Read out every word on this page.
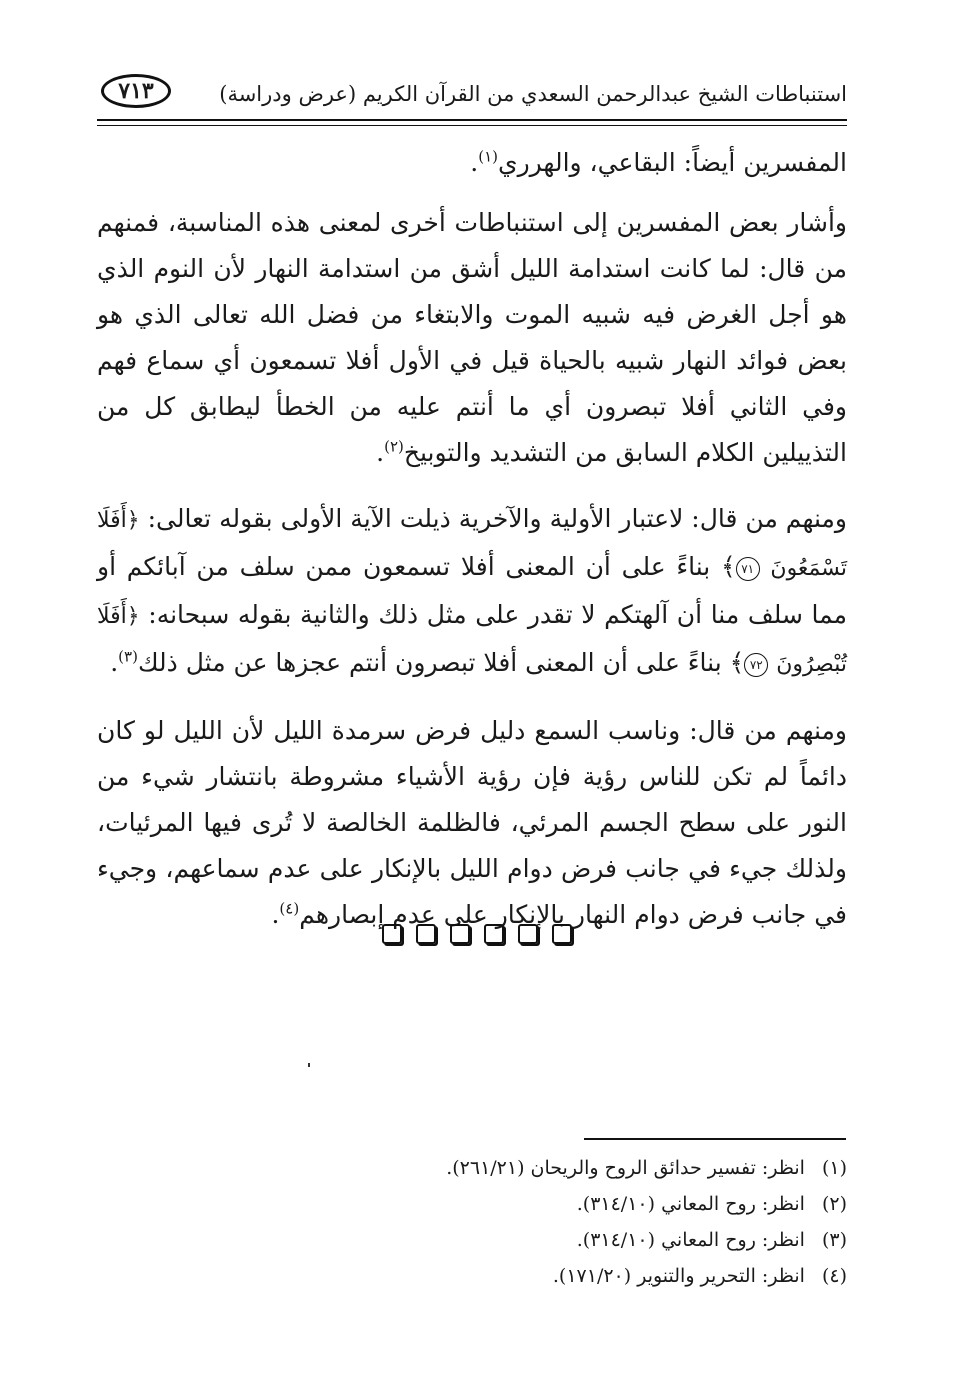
استنباطات الشيخ عبدالرحمن السعدي من القرآن الكريم (عرض ودراسة)
٧١٣

المفسرين أيضاً: البقاعي، والهرري$^{(١)}$.

وأشار بعض المفسرين إلى استنباطات أخرى لمعنى هذه المناسبة، فمنهم من قال: لما كانت استدامة الليل أشق من استدامة النهار لأن النوم الذي هو أجل الغرض فيه شبيه الموت والابتغاء من فضل الله تعالى الذي هو بعض فوائد النهار شبيه بالحياة قيل في الأول أفلا تسمعون أي سماع فهم وفي الثاني أفلا تبصرون أي ما أنتم عليه من الخطأ ليطابق كل من التذييلين الكلام السابق من التشديد والتوبيخ$^{(٢)}$.

ومنهم من قال: لاعتبار الأولية والآخرية ذيلت الآية الأولى بقوله تعالى: ﴿أَفَلَا تَسْمَعُونَ ٧١﴾ بناءً على أن المعنى أفلا تسمعون ممن سلف من آبائكم أو مما سلف منا أن آلهتكم لا تقدر على مثل ذلك والثانية بقوله سبحانه: ﴿أَفَلَا تُبْصِرُونَ ٧٢﴾ بناءً على أن المعنى أفلا تبصرون أنتم عجزها عن مثل ذلك$^{(٣)}$.

ومنهم من قال: وناسب السمع دليل فرض سرمدة الليل لأن الليل لو كان دائماً لم تكن للناس رؤية فإن رؤية الأشياء مشروطة بانتشار شيء من النور على سطح الجسم المرئي، فالظلمة الخالصة لا تُرى فيها المرئيات، ولذلك جيء في جانب فرض دوام الليل بالإنكار على عدم سماعهم، وجيء في جانب فرض دوام النهار بالإنكار على عدم إبصارهم$^{(٤)}$.

(١) انظر: تفسير حدائق الروح والريحان (٢٦١/٢١).
(٢) انظر: روح المعاني (٣١٤/١٠).
(٣) انظر: روح المعاني (٣١٤/١٠).
(٤) انظر: التحرير والتنوير (١٧١/٢٠).
